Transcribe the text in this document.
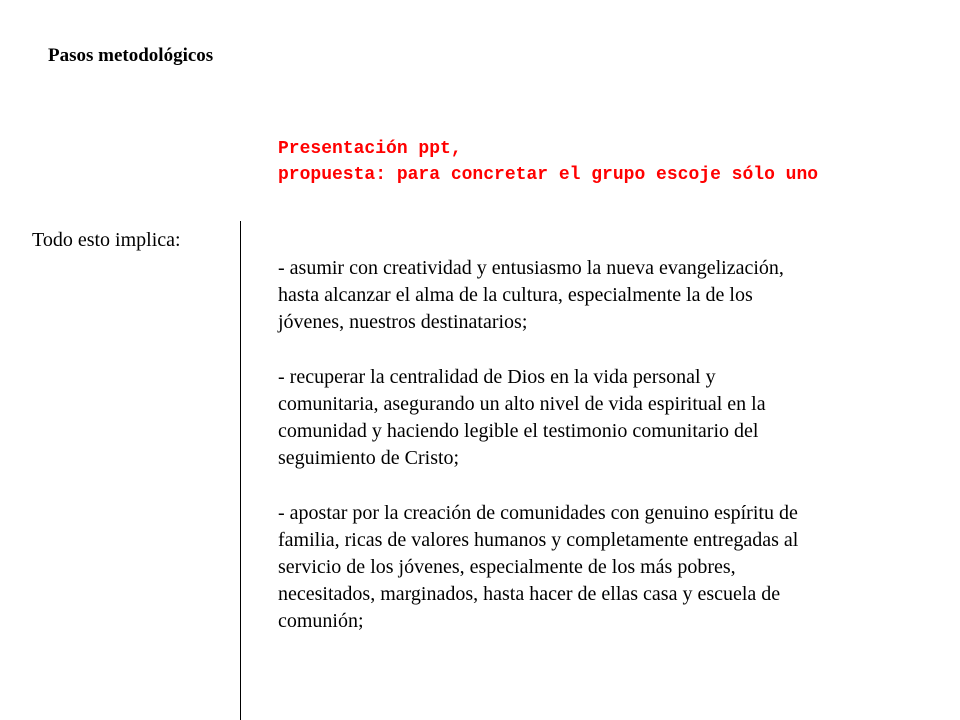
Pasos metodológicos
Presentación ppt,
propuesta: para concretar el grupo escoje sólo uno
Todo esto implica:
- asumir con creatividad y entusiasmo la nueva evangelización,
hasta alcanzar el alma de la cultura, especialmente la de los
jóvenes, nuestros destinatarios;
- recuperar la centralidad de Dios en la vida personal y
comunitaria, asegurando un alto nivel de vida espiritual en la
comunidad y haciendo legible el testimonio comunitario del
seguimiento de Cristo;
- apostar por la creación de comunidades con genuino espíritu de
familia, ricas de valores humanos y completamente entregadas al
servicio de los jóvenes, especialmente de los más pobres,
necesitados, marginados, hasta hacer de ellas casa y escuela de
comunión;
